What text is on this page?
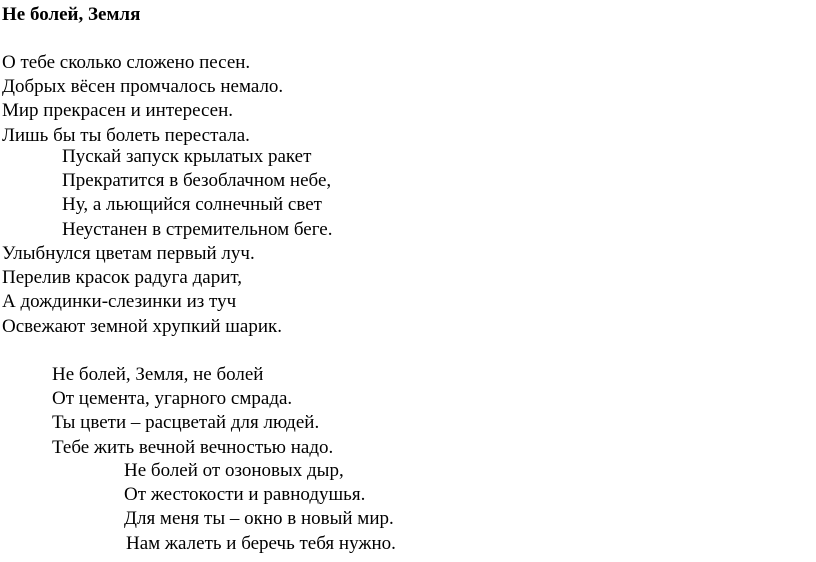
Не болей, Земля
О тебе сколько сложено песен.
Добрых вёсен промчалось немало.
Мир прекрасен и интересен.
Лишь бы ты болеть перестала.
Пускай запуск крылатых ракет
Прекратится в безоблачном небе,
Ну, а льющийся солнечный свет
Неустанен в стремительном беге.
Улыбнулся цветам первый луч.
Перелив красок радуга дарит,
А дождинки-слезинки из туч
Освежают земной хрупкий шарик.
Не болей, Земля, не болей
От цемента, угарного смрада.
Ты цвети – расцветай для людей.
Тебе жить вечной вечностью надо.
Не болей от озоновых дыр,
От жестокости и равнодушья.
Для меня ты – окно в новый мир.
Нам жалеть и беречь тебя нужно.
